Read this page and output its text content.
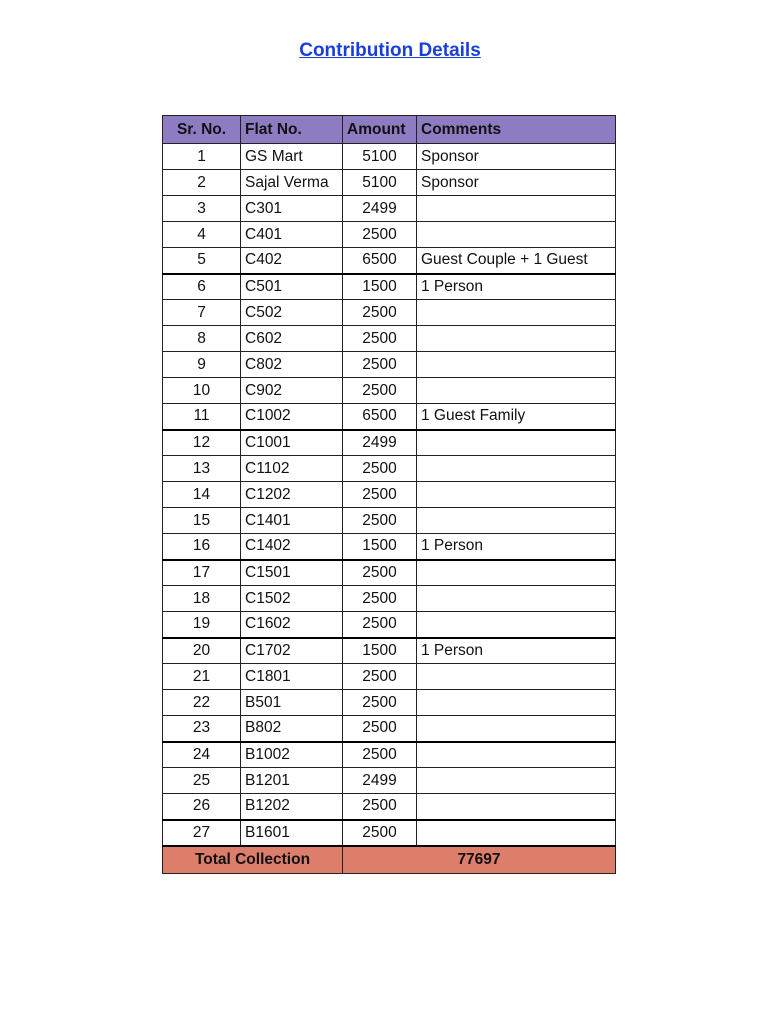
Contribution Details
Sr. No.	Flat No.	Amount	Comments
1	GS Mart	5100	Sponsor
2	Sajal Verma	5100	Sponsor
3	C301	2499	
4	C401	2500	
5	C402	6500	Guest Couple + 1 Guest
6	C501	1500	1 Person
7	C502	2500	
8	C602	2500	
9	C802	2500	
10	C902	2500	
11	C1002	6500	1 Guest Family
12	C1001	2499	
13	C1102	2500	
14	C1202	2500	
15	C1401	2500	
16	C1402	1500	1 Person
17	C1501	2500	
18	C1502	2500	
19	C1602	2500	
20	C1702	1500	1 Person
21	C1801	2500	
22	B501	2500	
23	B802	2500	
24	B1002	2500	
25	B1201	2499	
26	B1202	2500	
27	B1601	2500	
Total Collection		77697	
